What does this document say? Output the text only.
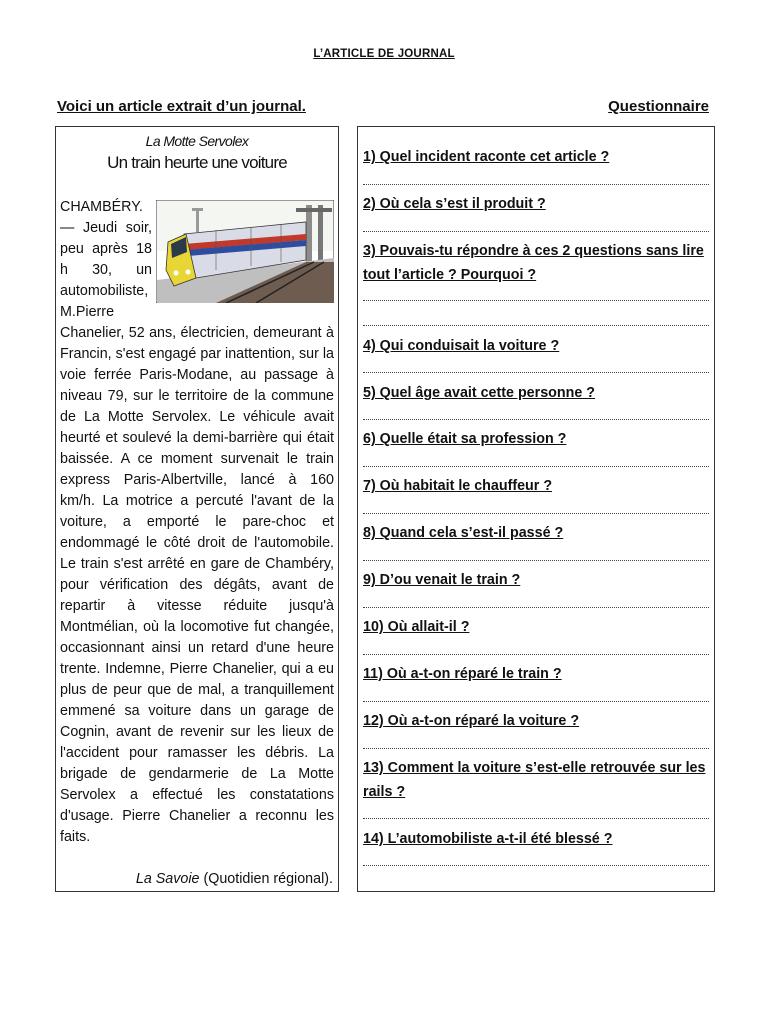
L’ARTICLE DE JOURNAL
Voici un article extrait d’un journal.	Questionnaire
La Motte Servolex
Un train heurte une voiture

CHAMBÉRY. — Jeudi soir, peu après 18 h 30, un automobiliste, M.Pierre Chanelier, 52 ans, électricien, demeurant à Francin, s'est engagé par inattention, sur la voie ferrée Paris-Modane, au passage à niveau 79, sur le territoire de la commune de La Motte Servolex. Le véhicule avait heurté et soulevé la demi-barrière qui était baissée. A ce moment survenait le train express Paris-Albertville, lancé à 160 km/h. La motrice a percuté l'avant de la voiture, a emporté le pare-choc et endommagé le côté droit de l'automobile. Le train s'est arrêté en gare de Chambéry, pour vérification des dégâts, avant de repartir à vitesse réduite jusqu'à Montmélian, où la locomotive fut changée, occasionnant ainsi un retard d'une heure trente. Indemne, Pierre Chanelier, qui a eu plus de peur que de mal, a tranquillement emmené sa voiture dans un garage de Cognin, avant de revenir sur les lieux de l'accident pour ramasser les débris. La brigade de gendarmerie de La Motte Servolex a effectué les constatations d'usage. Pierre Chanelier a reconnu les faits.

La Savoie (Quotidien régional).
1) Quel incident raconte cet article ?
2) Où cela s’est il produit ?
3) Pouvais-tu répondre à ces 2 questions sans lire tout l’article ? Pourquoi ?
4) Qui conduisait la voiture ?
5) Quel âge avait cette personne ?
6) Quelle était sa profession ?
7) Où habitait le chauffeur ?
8) Quand cela s’est-il passé ?
9) D’ou venait le train ?
10) Où allait-il ?
11) Où a-t-on réparé le train ?
12) Où a-t-on réparé la voiture ?
13) Comment la voiture s’est-elle retrouvée sur les rails ?
14) L’automobiliste a-t-il été blessé ?
